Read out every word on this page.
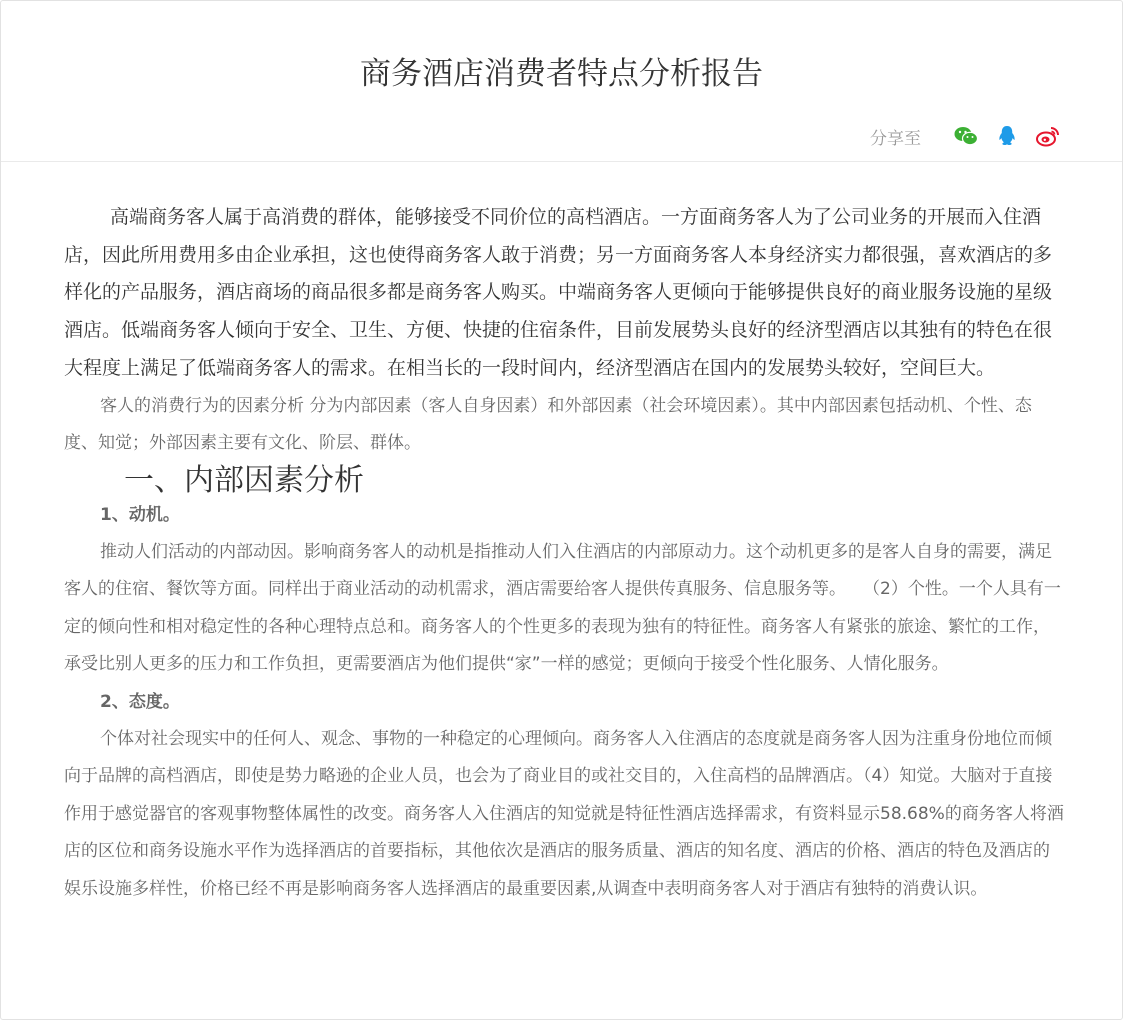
商务酒店消费者特点分析报告
分享至

高端商务客人属于高消费的群体，能够接受不同价位的高档酒店。一方面商务客人为了公司业务的开展而入住酒店，因此所用费用多由企业承担，这也使得商务客人敢于消费；另一方面商务客人本身经济实力都很强，喜欢酒店的多样化的产品服务，酒店商场的商品很多都是商务客人购买。中端商务客人更倾向于能够提供良好的商业服务设施的星级酒店。低端商务客人倾向于安全、卫生、方便、快捷的住宿条件，目前发展势头良好的经济型酒店以其独有的特色在很大程度上满足了低端商务客人的需求。在相当长的一段时间内，经济型酒店在国内的发展势头较好，空间巨大。

客人的消费行为的因素分析 分为内部因素（客人自身因素）和外部因素（社会环境因素）。其中内部因素包括动机、个性、态度、知觉；外部因素主要有文化、阶层、群体。

一、内部因素分析
1、动机。

推动人们活动的内部动因。影响商务客人的动机是指推动人们入住酒店的内部原动力。这个动机更多的是客人自身的需要，满足客人的住宿、餐饮等方面。同样出于商业活动的动机需求，酒店需要给客人提供传真服务、信息服务等。　　（2）个性。一个人具有一定的倾向性和相对稳定性的各种心理特点总和。商务客人的个性更多的表现为独有的特征性。商务客人有紧张的旅途、繁忙的工作，承受比别人更多的压力和工作负担，更需要酒店为他们提供“家”一样的感觉；更倾向于接受个性化服务、人情化服务。

2、态度。

个体对社会现实中的任何人、观念、事物的一种稳定的心理倾向。商务客人入住酒店的态度就是商务客人因为注重身份地位而倾向于品牌的高档酒店，即使是势力略逊的企业人员，也会为了商业目的或社交目的，入住高档的品牌酒店。（4）知觉。大脑对于直接作用于感觉器官的客观事物整体属性的改变。商务客人入住酒店的知觉就是特征性酒店选择需求，有资料显示58.68%的商务客人将酒店的区位和商务设施水平作为选择酒店的首要指标，其他依次是酒店的服务质量、酒店的知名度、酒店的价格、酒店的特色及酒店的娱乐设施多样性，价格已经不再是影响商务客人选择酒店的最重要因素,从调查中表明商务客人对于酒店有独特的消费认识。
